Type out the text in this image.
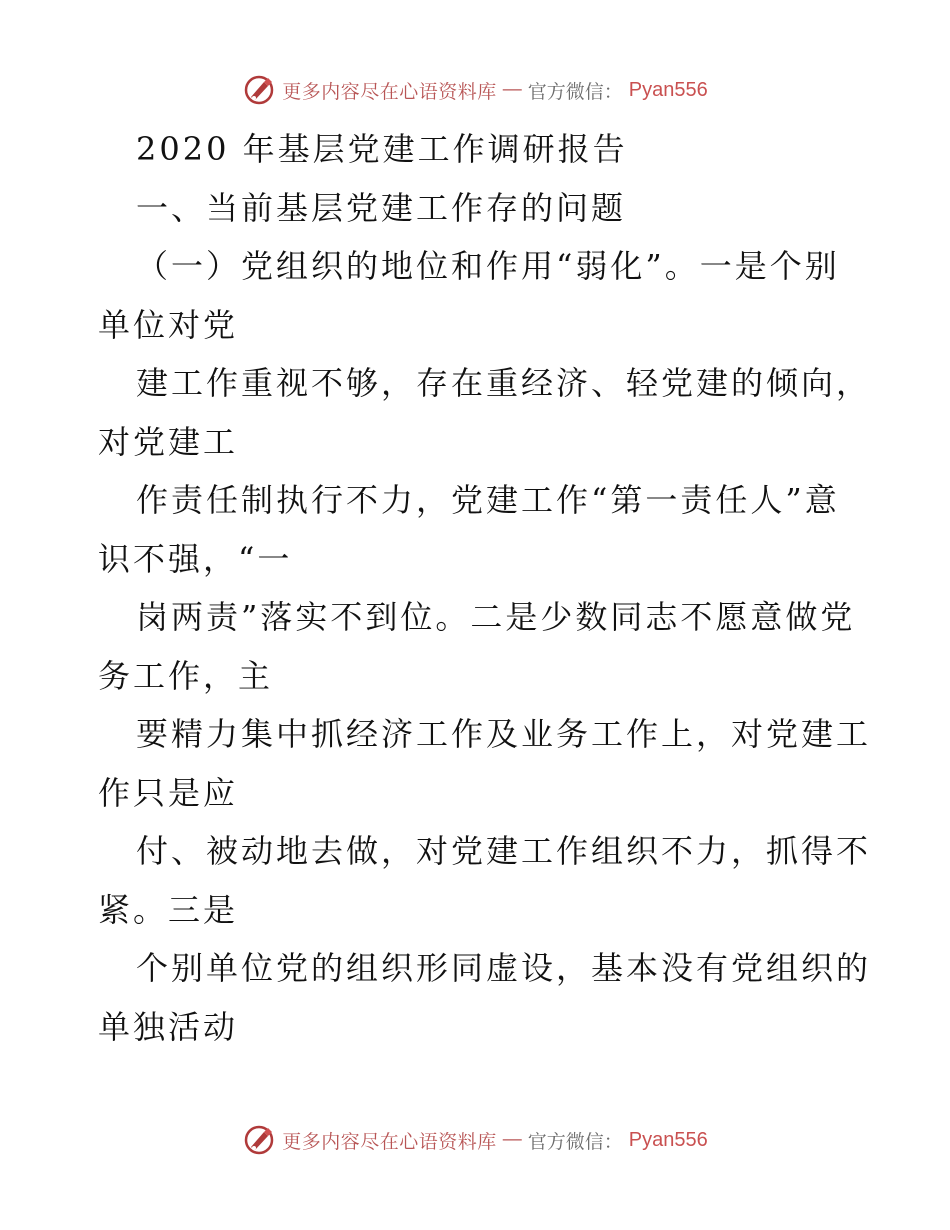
更多内容尽在心语资料库 — 官方微信： Pyan556
2020 年基层党建工作调研报告
一、当前基层党建工作存的问题
（一）党组织的地位和作用“弱化”。一是个别
单位对党
建工作重视不够，存在重经济、轻党建的倾向，
对党建工
作责任制执行不力，党建工作“第一责任人”意
识不强，“一
岗两责”落实不到位。二是少数同志不愿意做党
务工作，主
要精力集中抓经济工作及业务工作上，对党建工
作只是应
付、被动地去做，对党建工作组织不力，抓得不
紧。三是
个别单位党的组织形同虚设，基本没有党组织的
单独活动
更多内容尽在心语资料库 — 官方微信： Pyan556
